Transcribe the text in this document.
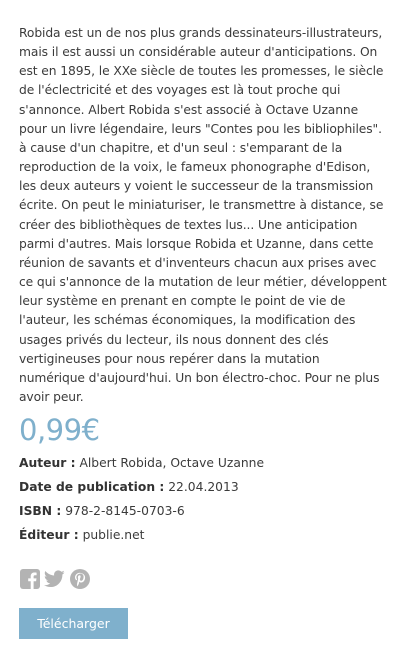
Robida est un de nos plus grands dessinateurs-illustrateurs, mais il est aussi un considérable auteur d'anticipations. On est en 1895, le XXe siècle de toutes les promesses, le siècle de l'éclectricité et des voyages est là tout proche qui s'annonce. Albert Robida s'est associé à Octave Uzanne pour un livre légendaire, leurs "Contes pou les bibliophiles". à cause d'un chapitre, et d'un seul : s'emparant de la reproduction de la voix, le fameux phonographe d'Edison, les deux auteurs y voient le successeur de la transmission écrite. On peut le miniaturiser, le transmettre à distance, se créer des bibliothèques de textes lus... Une anticipation parmi d'autres. Mais lorsque Robida et Uzanne, dans cette réunion de savants et d'inventeurs chacun aux prises avec ce qui s'annonce de la mutation de leur métier, développent leur système en prenant en compte le point de vie de l'auteur, les schémas économiques, la modification des usages privés du lecteur, ils nous donnent des clés vertigineuses pour nous repérer dans la mutation numérique d'aujourd'hui. Un bon électro-choc. Pour ne plus avoir peur.

0,99€
Auteur : Albert Robida, Octave Uzanne
Date de publication : 22.04.2013
ISBN : 978-2-8145-0703-6
Éditeur : publie.net
Télécharger
